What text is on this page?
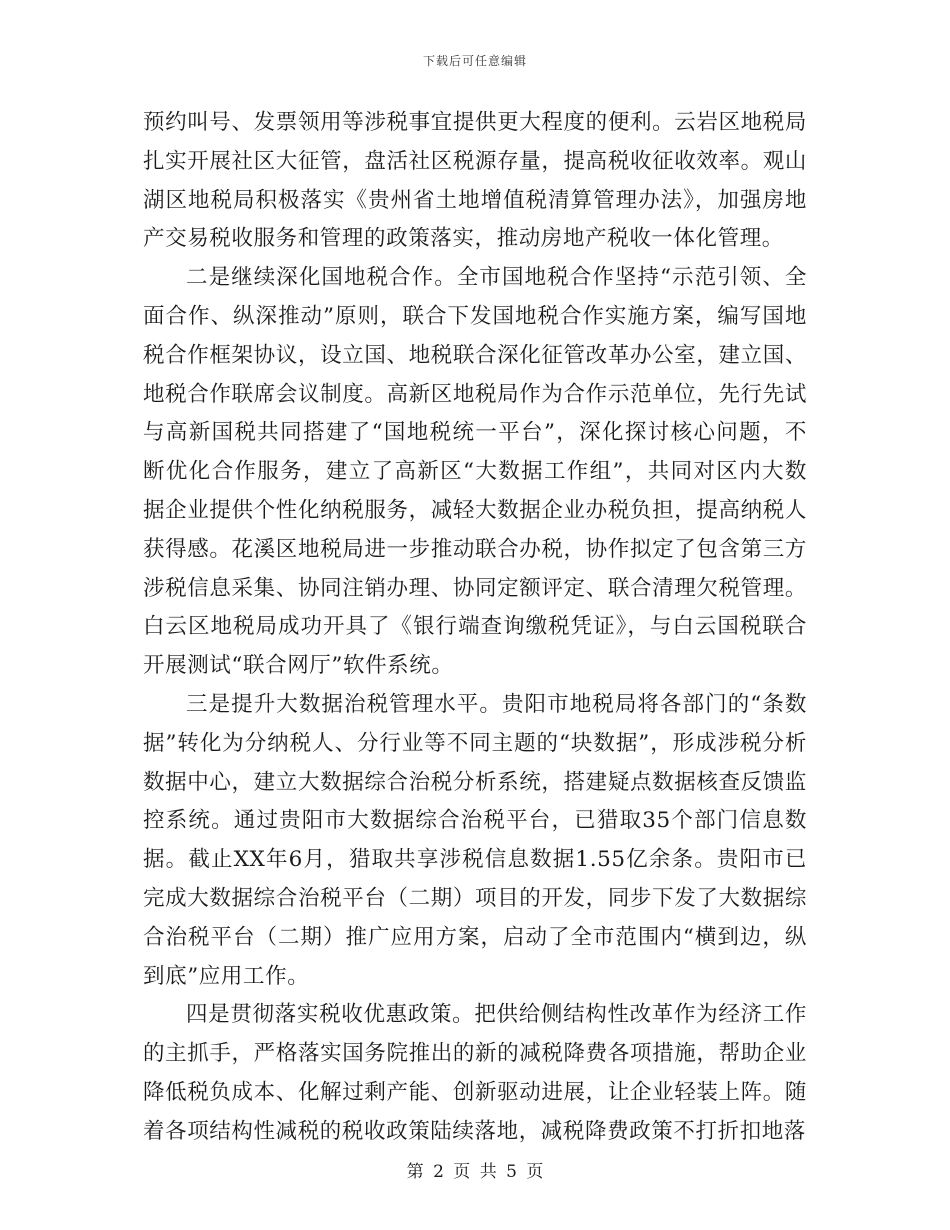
下载后可任意编辑

预约叫号、发票领用等涉税事宜提供更大程度的便利。云岩区地税局扎实开展社区大征管，盘活社区税源存量，提高税收征收效率。观山湖区地税局积极落实《贵州省土地增值税清算管理办法》，加强房地产交易税收服务和管理的政策落实，推动房地产税收一体化管理。

二是继续深化国地税合作。全市国地税合作坚持“示范引领、全面合作、纵深推动”原则，联合下发国地税合作实施方案，编写国地税合作框架协议，设立国、地税联合深化征管改革办公室，建立国、地税合作联席会议制度。高新区地税局作为合作示范单位，先行先试与高新国税共同搭建了“国地税统一平台”，深化探讨核心问题，不断优化合作服务，建立了高新区“大数据工作组”，共同对区内大数据企业提供个性化纳税服务，减轻大数据企业办税负担，提高纳税人获得感。花溪区地税局进一步推动联合办税，协作拟定了包含第三方涉税信息采集、协同注销办理、协同定额评定、联合清理欠税管理。白云区地税局成功开具了《银行端查询缴税凭证》，与白云国税联合开展测试“联合网厅”软件系统。

三是提升大数据治税管理水平。贵阳市地税局将各部门的“条数据”转化为分纳税人、分行业等不同主题的“块数据”，形成涉税分析数据中心，建立大数据综合治税分析系统，搭建疑点数据核查反馈监控系统。通过贵阳市大数据综合治税平台，已猎取35个部门信息数据。截止XX年6月，猎取共享涉税信息数据1.55亿余条。贵阳市已完成大数据综合治税平台（二期）项目的开发，同步下发了大数据综合治税平台（二期）推广应用方案，启动了全市范围内“横到边，纵到底”应用工作。

四是贯彻落实税收优惠政策。把供给侧结构性改革作为经济工作的主抓手，严格落实国务院推出的新的减税降费各项措施，帮助企业降低税负成本、化解过剩产能、创新驱动进展，让企业轻装上阵。随着各项结构性减税的税收政策陆续落地，减税降费政策不打折扣地落

第 2 页 共 5 页
